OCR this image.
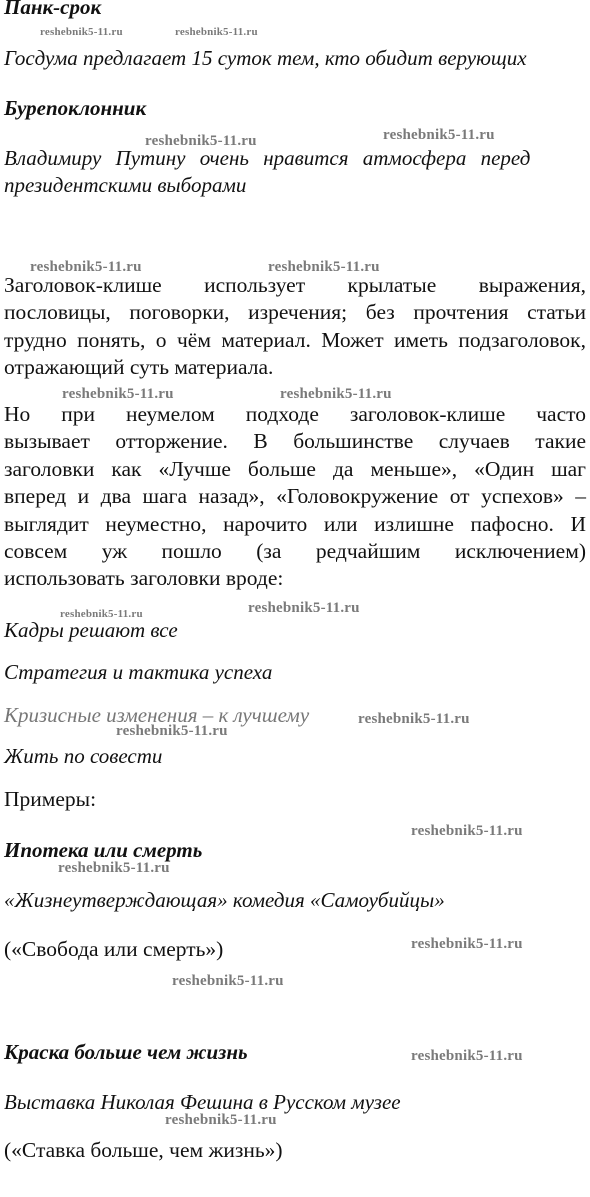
Панк-срок
Госдума предлагает 15 суток тем, кто обидит верующих
Бурепоклонник
Владимиру Путину очень нравится атмосфера перед
президентскими выборами
Заголовок-клише использует крылатые выражения,
пословицы, поговорки, изречения; без прочтения статьи
трудно понять, о чём материал. Может иметь подзаголовок,
отражающий суть материала.
Но при неумелом подходе заголовок-клише часто
вызывает отторжение. В большинстве случаев такие
заголовки как «Лучше больше да меньше», «Один шаг
вперед и два шага назад», «Головокружение от успехов» –
выглядит неуместно, нарочито или излишне пафосно. И
совсем уж пошло (за редчайшим исключением)
использовать заголовки вроде:
Кадры решают все
Стратегия и тактика успеха
Кризисные изменения – к лучшему
Жить по совести
Примеры:
Ипотека или смерть
«Жизнеутверждающая» комедия «Самоубийцы»
(«Свобода или смерть»)
Краска больше чем жизнь
Выставка Николая Фешина в Русском музее
(«Ставка больше, чем жизнь»)
reshebnik5-11.ru	reshebnik5-11.ru
reshebnik5-11.ru	reshebnik5-11.ru
reshebnik5-11.ru	reshebnik5-11.ru
reshebnik5-11.ru	reshebnik5-11.ru
reshebnik5-11.ru	reshebnik5-11.ru
reshebnik5-11.ru
reshebnik5-11.ru
reshebnik5-11.ru
reshebnik5-11.ru
reshebnik5-11.ru
reshebnik5-11.ru
reshebnik5-11.ru
reshebnik5-11.ru
